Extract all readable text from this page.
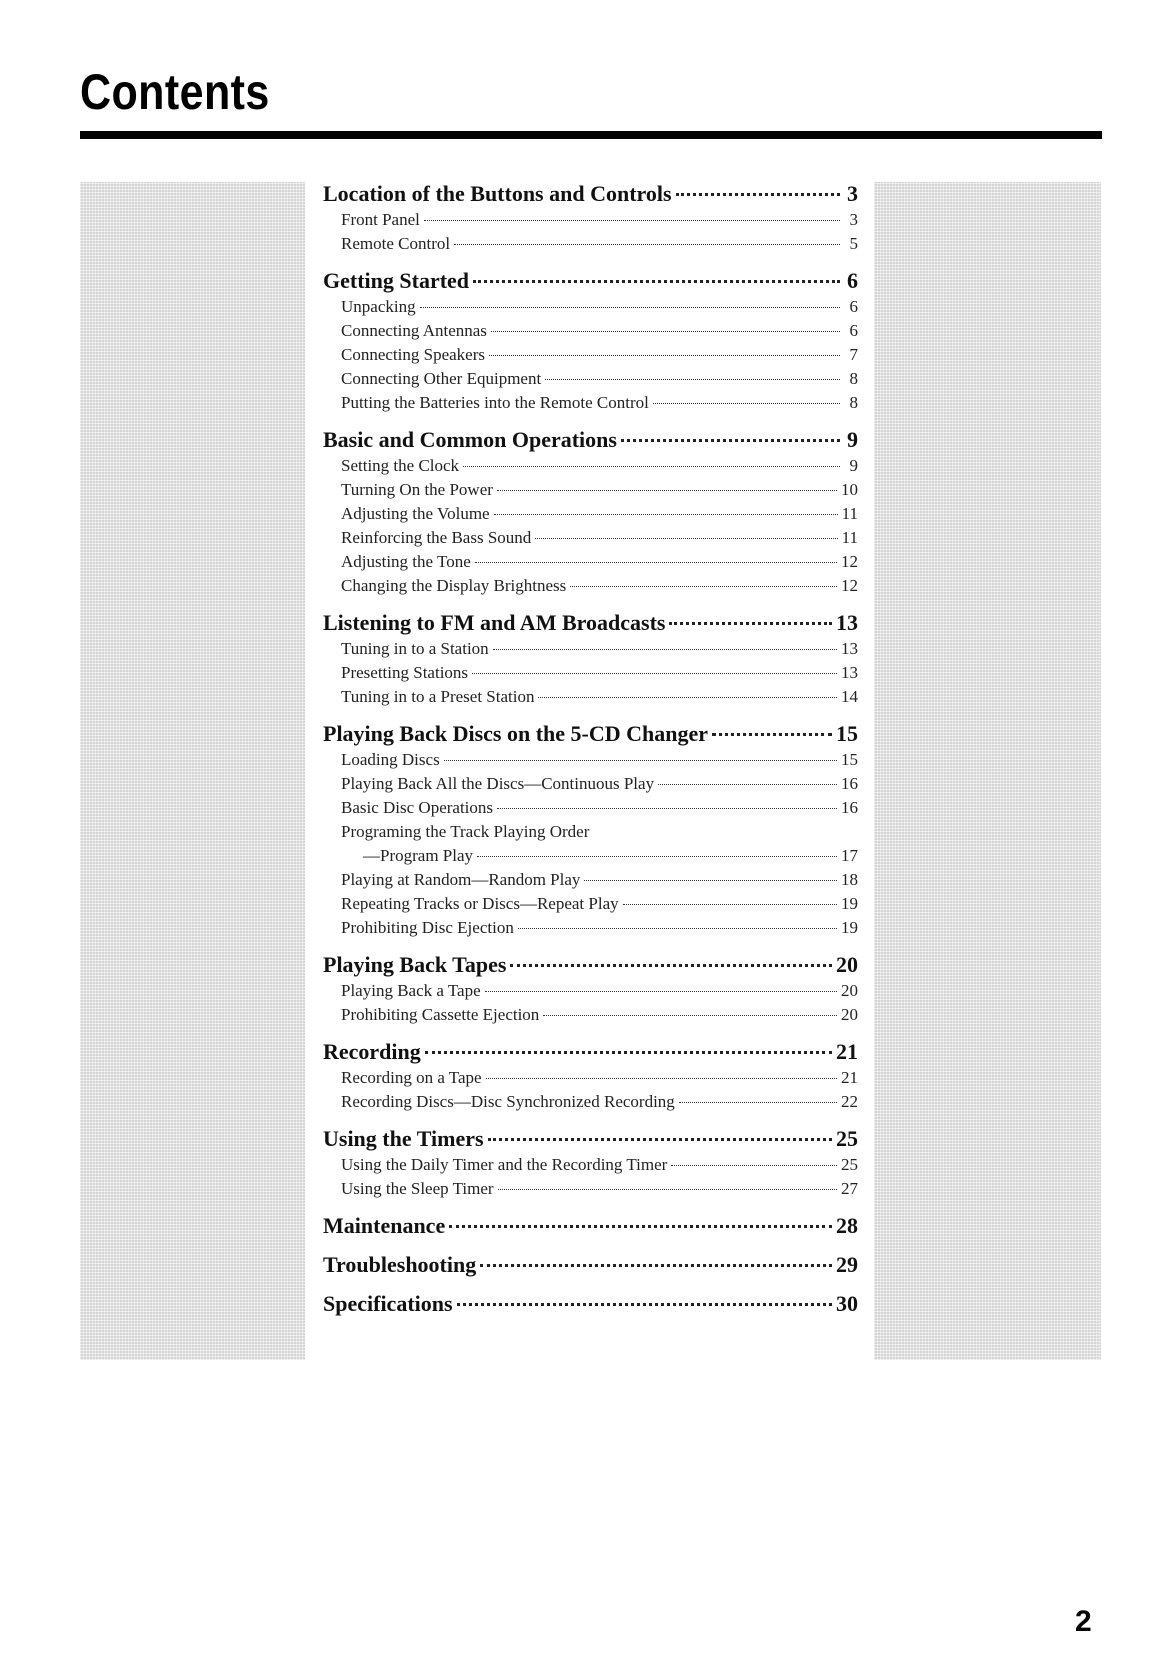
Contents
Location of the Buttons and Controls	3
Front Panel	3
Remote Control	5
Getting Started	6
Unpacking	6
Connecting Antennas	6
Connecting Speakers	7
Connecting Other Equipment	8
Putting the Batteries into the Remote Control	8
Basic and Common Operations	9
Setting the Clock	9
Turning On the Power	10
Adjusting the Volume	11
Reinforcing the Bass Sound	11
Adjusting the Tone	12
Changing the Display Brightness	12
Listening to FM and AM Broadcasts	13
Tuning in to a Station	13
Presetting Stations	13
Tuning in to a Preset Station	14
Playing Back Discs on the 5-CD Changer	15
Loading Discs	15
Playing Back All the Discs—Continuous Play	16
Basic Disc Operations	16
Programing the Track Playing Order
—Program Play	17
Playing at Random—Random Play	18
Repeating Tracks or Discs—Repeat Play	19
Prohibiting Disc Ejection	19
Playing Back Tapes	20
Playing Back a Tape	20
Prohibiting Cassette Ejection	20
Recording	21
Recording on a Tape	21
Recording Discs—Disc Synchronized Recording	22
Using the Timers	25
Using the Daily Timer and the Recording Timer	25
Using the Sleep Timer	27
Maintenance	28
Troubleshooting	29
Specifications	30
2
